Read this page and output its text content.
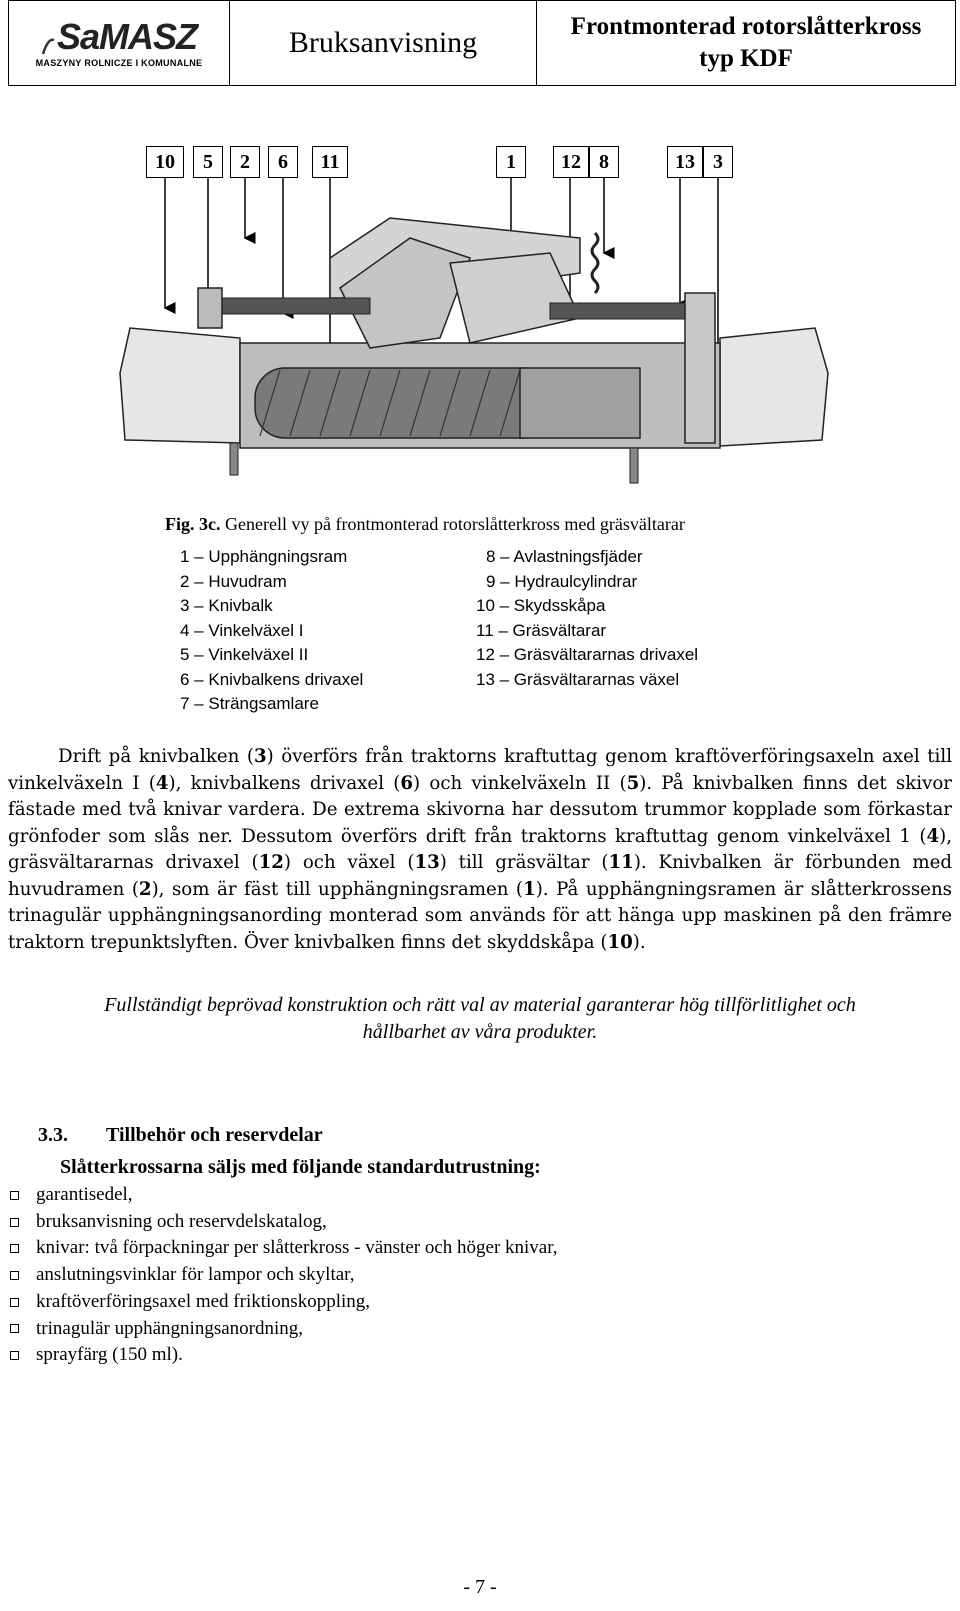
SaMASZ
MASZYNY ROLNICZE I KOMUNALNE
Bruksanvisning	Frontmonterad rotorslåtterkross
typ KDF
10	5	2	6	11	1	12 8	13 3
Fig. 3c. Generell vy på frontmonterad rotorslåtterkross med gräsvältarar
1 – Upphängningsram
2 – Huvudram
3 – Knivbalk
4 – Vinkelväxel I
5 – Vinkelväxel II
6 – Knivbalkens drivaxel
7 – Strängsamlare
8 – Avlastningsfjäder
9 – Hydraulcylindrar
10 – Skydsskåpa
11 – Gräsvältarar
12 – Gräsvältararnas drivaxel
13 – Gräsvältararnas växel
Drift på knivbalken (3) överförs från traktorns kraftuttag genom kraftöverföringsaxeln axel till vinkelväxeln I (4), knivbalkens drivaxel (6) och vinkelväxeln II (5). På knivbalken finns det skivor fästade med två knivar vardera. De extrema skivorna har dessutom trummor kopplade som förkastar grönfoder som slås ner. Dessutom överförs drift från traktorns kraftuttag genom vinkelväxel 1 (4), gräsvältararnas drivaxel (12) och växel (13) till gräsvältar (11). Knivbalken är förbunden med huvudramen (2), som är fäst till upphängningsramen (1). På upphängningsramen är slåtterkrossens trinagulär upphängningsanording monterad som används för att hänga upp maskinen på den främre traktorn trepunktslyften. Över knivbalken finns det skyddskåpa (10).
Fullständigt beprövad konstruktion och rätt val av material garanterar hög tillförlitlighet och
hållbarhet av våra produkter.
3.3. Tillbehör och reservdelar
Slåtterkrossarna säljs med följande standardutrustning:
garantisedel,
bruksanvisning och reservdelskatalog,
knivar: två förpackningar per slåtterkross - vänster och höger knivar,
anslutningsvinklar för lampor och skyltar,
kraftöverföringsaxel med friktionskoppling,
trinagulär upphängningsanordning,
sprayfärg (150 ml).
- 7 -
